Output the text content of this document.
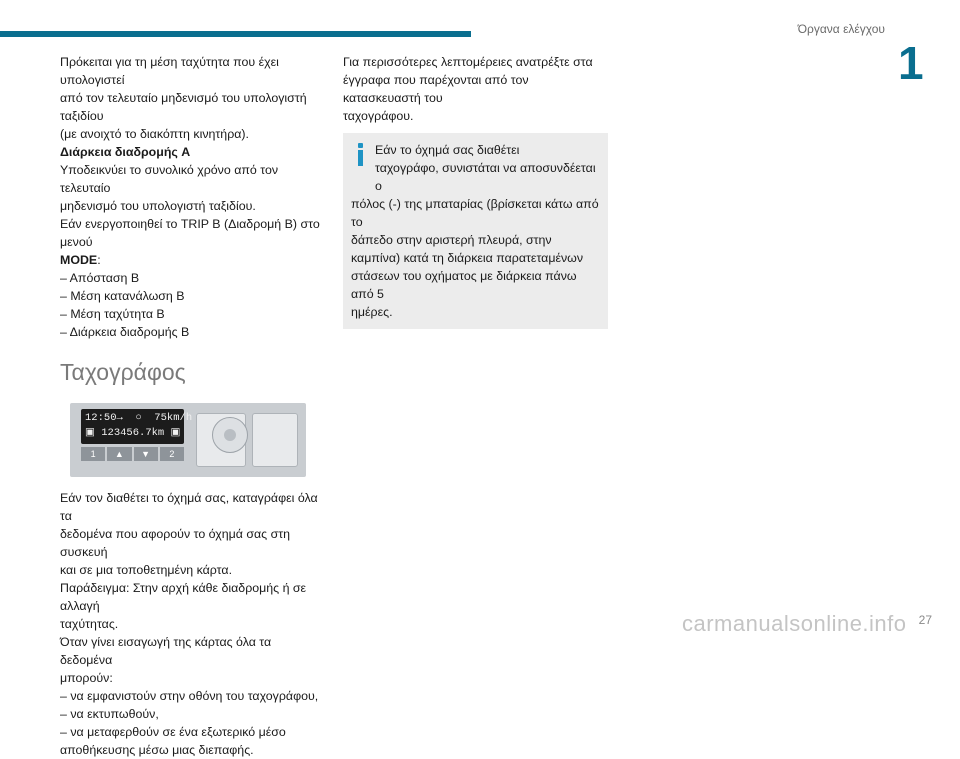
Όργανα ελέγχου
1

Πρόκειται για τη μέση ταχύτητα που έχει υπολογιστεί

από τον τελευταίο μηδενισμό του υπολογιστή ταξιδίου

(με ανοιχτό το διακόπτη κινητήρα).

Διάρκεια διαδρομής A

Υποδεικνύει το συνολικό χρόνο από τον τελευταίο

μηδενισμό του υπολογιστή ταξιδίου.

Εάν ενεργοποιηθεί το TRIP B (Διαδρομή B) στο μενού

MODE:

– Απόσταση B

– Μέση κατανάλωση B

– Μέση ταχύτητα B

– Διάρκεια διαδρομής B

Ταχογράφος
12:50→  ○  75km/h
▣ 123456.7km ▣
1	▲	▼	2

Εάν τον διαθέτει το όχημά σας, καταγράφει όλα τα

δεδομένα που αφορούν το όχημά σας στη συσκευή

και σε μια τοποθετημένη κάρτα.

Παράδειγμα: Στην αρχή κάθε διαδρομής ή σε αλλαγή

ταχύτητας.

Όταν γίνει εισαγωγή της κάρτας όλα τα δεδομένα

μπορούν:

– να εμφανιστούν στην οθόνη του ταχογράφου,

– να εκτυπωθούν,

– να μεταφερθούν σε ένα εξωτερικό μέσο

αποθήκευσης μέσω μιας διεπαφής.

Για περισσότερες λεπτομέρειες ανατρέξτε στα

έγγραφα που παρέχονται από τον κατασκευαστή του

ταχογράφου.

Εάν το όχημά σας διαθέτει

ταχογράφο, συνιστάται να αποσυνδέεται ο

πόλος (-) της μπαταρίας (βρίσκεται κάτω από το

δάπεδο στην αριστερή πλευρά, στην

καμπίνα) κατά τη διάρκεια παρατεταμένων

στάσεων του οχήματος με διάρκεια πάνω από 5

ημέρες.

carmanualsonline.info 27
